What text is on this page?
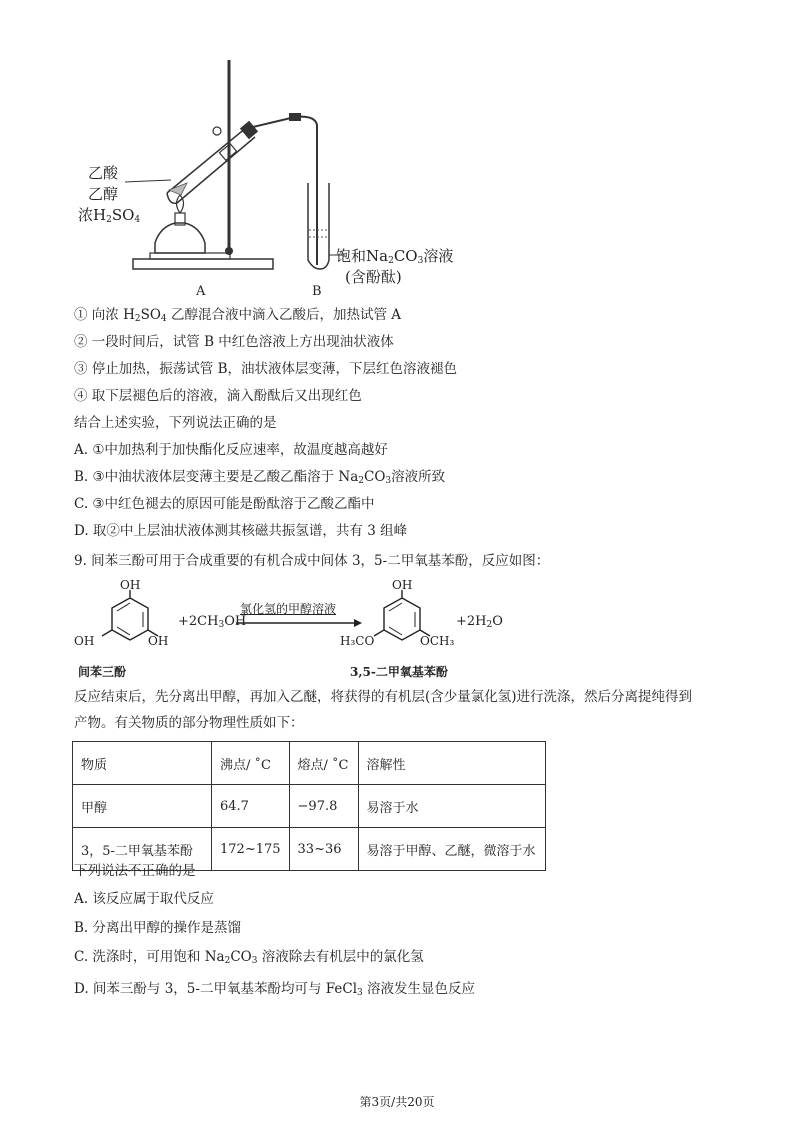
乙酸
乙醇
浓$H_2SO_4$
饱和$Na_2CO_3$溶液
(含酚酞)
A	B
① 向浓 $H_2SO_4$ 乙醇混合液中滴入乙酸后，加热试管 A
② 一段时间后，试管 B 中红色溶液上方出现油状液体
③ 停止加热，振荡试管 B，油状液体层变薄，下层红色溶液褪色
④ 取下层褪色后的溶液，滴入酚酞后又出现红色
结合上述实验，下列说法正确的是
A. ①中加热利于加快酯化反应速率，故温度越高越好
B. ③中油状液体层变薄主要是乙酸乙酯溶于 $Na_2CO_3$溶液所致
C. ③中红色褪去的原因可能是酚酞溶于乙酸乙酯中
D. 取②中上层油状液体测其核磁共振氢谱，共有 3 组峰
9. 间苯三酚可用于合成重要的有机合成中间体 3，5-二甲氧基苯酚，反应如图：
OH
OH	OH
间苯三酚
$+2CH_3OH$
氯化氢的甲醇溶液
OH
H₃CO	OCH₃
3,5-二甲氧基苯酚
$+2H_2O$
反应结束后，先分离出甲醇，再加入乙醚，将获得的有机层(含少量氯化氢)进行洗涤，然后分离提纯得到
产物。有关物质的部分物理性质如下：
物质	沸点/ ˚C	熔点/ ˚C	溶解性
甲醇	64.7	−97.8	易溶于水
3，5-二甲氧基苯酚	172~175	33~36	易溶于甲醇、乙醚，微溶于水
下列说法不正确的是
A. 该反应属于取代反应
B. 分离出甲醇的操作是蒸馏
C. 洗涤时，可用饱和 $Na_2CO_3$ 溶液除去有机层中的氯化氢
D. 间苯三酚与 3，5-二甲氧基苯酚均可与 FeCl$_3$ 溶液发生显色反应
第3页/共20页
